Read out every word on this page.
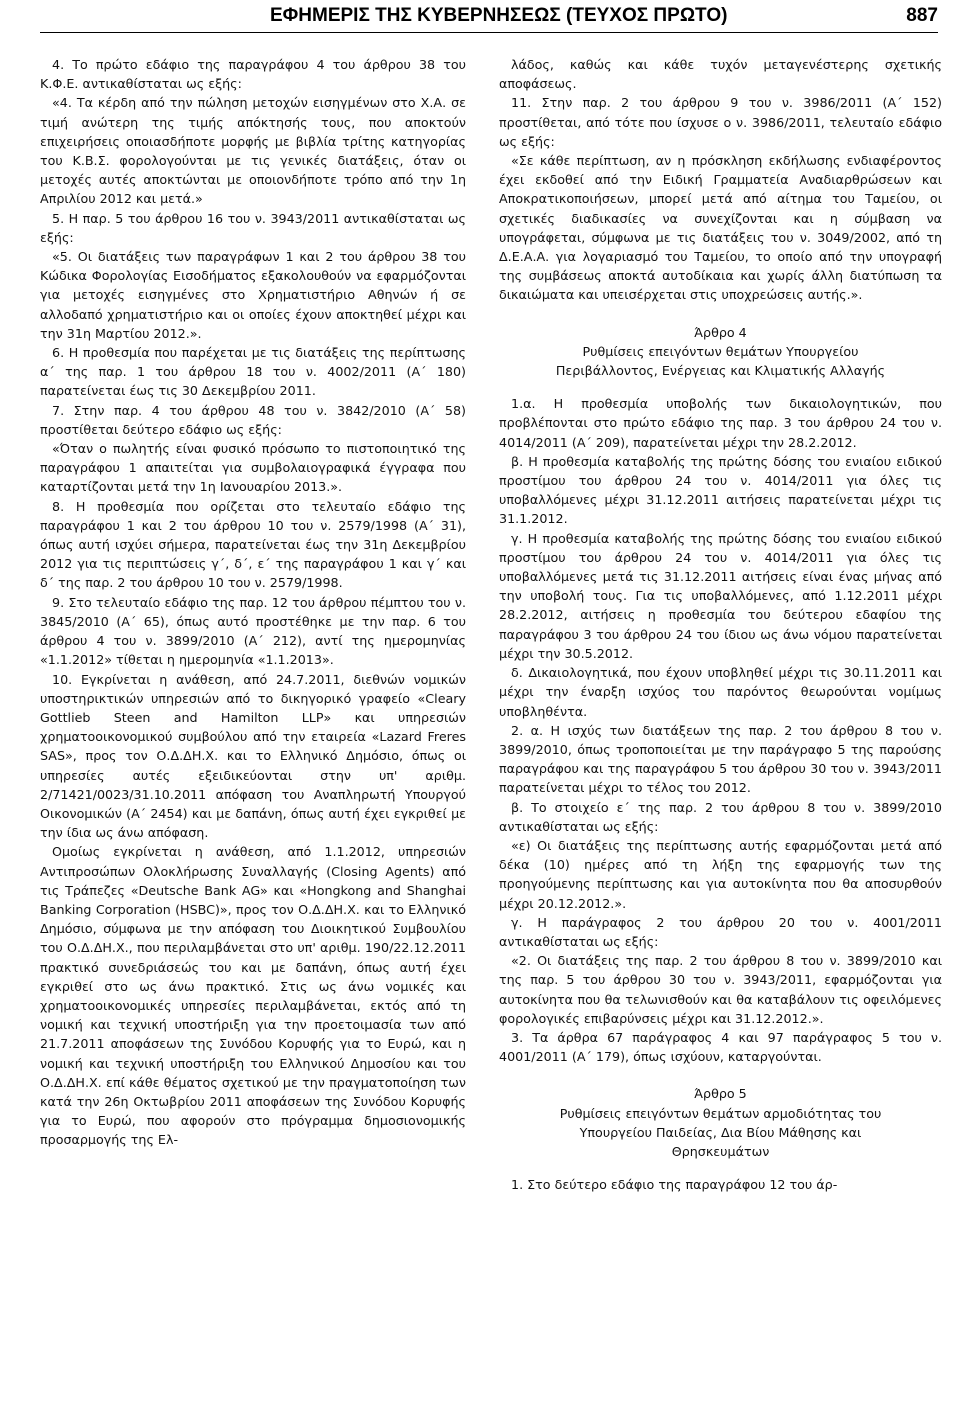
ΕΦΗΜΕΡΙΣ ΤΗΣ ΚΥΒΕΡΝΗΣΕΩΣ (ΤΕΥΧΟΣ ΠΡΩΤΟ)	887

4. Το πρώτο εδάφιο της παραγράφου 4 του άρθρου 38 του Κ.Φ.Ε. αντικαθίσταται ως εξής:

«4. Τα κέρδη από την πώληση μετοχών εισηγμένων στο Χ.Α. σε τιμή ανώτερη της τιμής απόκτησής τους, που αποκτούν επιχειρήσεις οποιασδήποτε μορφής με βιβλία τρίτης κατηγορίας του Κ.Β.Σ. φορολογούνται με τις γενικές διατάξεις, όταν οι μετοχές αυτές αποκτώνται με οποιονδήποτε τρόπο από την 1η Απριλίου 2012 και μετά.»

5. Η παρ. 5 του άρθρου 16 του ν. 3943/2011 αντικαθίσταται ως εξής:

«5. Οι διατάξεις των παραγράφων 1 και 2 του άρθρου 38 του Κώδικα Φορολογίας Εισοδήματος εξακολουθούν να εφαρμόζονται για μετοχές εισηγμένες στο Χρηματιστήριο Αθηνών ή σε αλλοδαπό χρηματιστήριο και οι οποίες έχουν αποκτηθεί μέχρι και την 31η Μαρτίου 2012.».

6. Η προθεσμία που παρέχεται με τις διατάξεις της περίπτωσης α΄ της παρ. 1 του άρθρου 18 του ν. 4002/2011 (Α΄ 180) παρατείνεται έως τις 30 Δεκεμβρίου 2011.

7. Στην παρ. 4 του άρθρου 48 του ν. 3842/2010 (Α΄ 58) προστίθεται δεύτερο εδάφιο ως εξής:

«Όταν ο πωλητής είναι φυσικό πρόσωπο το πιστοποιητικό της παραγράφου 1 απαιτείται για συμβολαιογραφικά έγγραφα που καταρτίζονται μετά την 1η Ιανουαρίου 2013.».

8. Η προθεσμία που ορίζεται στο τελευταίο εδάφιο της παραγράφου 1 και 2 του άρθρου 10 του ν. 2579/1998 (Α΄ 31), όπως αυτή ισχύει σήμερα, παρατείνεται έως την 31η Δεκεμβρίου 2012 για τις περιπτώσεις γ΄, δ΄, ε΄ της παραγράφου 1 και γ΄ και δ΄ της παρ. 2 του άρθρου 10 του ν. 2579/1998.

9. Στο τελευταίο εδάφιο της παρ. 12 του άρθρου πέμπτου του ν. 3845/2010 (Α΄ 65), όπως αυτό προστέθηκε με την παρ. 6 του άρθρου 4 του ν. 3899/2010 (Α΄ 212), αντί της ημερομηνίας «1.1.2012» τίθεται η ημερομηνία «1.1.2013».

10. Εγκρίνεται η ανάθεση, από 24.7.2011, διεθνών νομικών υποστηρικτικών υπηρεσιών από το δικηγορικό γραφείο «Cleary Gottlieb Steen and Hamilton LLP» και υπηρεσιών χρηματοοικονομικού συμβούλου από την εταιρεία «Lazard Freres SAS», προς τον Ο.Δ.ΔΗ.Χ. και το Ελληνικό Δημόσιο, όπως οι υπηρεσίες αυτές εξειδικεύονται στην υπ' αριθμ. 2/71421/0023/31.10.2011 απόφαση του Αναπληρωτή Υπουργού Οικονομικών (Α΄ 2454) και με δαπάνη, όπως αυτή έχει εγκριθεί με την ίδια ως άνω απόφαση.

Ομοίως εγκρίνεται η ανάθεση, από 1.1.2012, υπηρεσιών Αντιπροσώπων Ολοκλήρωσης Συναλλαγής (Closing Agents) από τις Τράπεζες «Deutsche Bank AG» και «Hongkong and Shanghai Banking Corporation (HSBC)», προς τον Ο.Δ.ΔΗ.Χ. και το Ελληνικό Δημόσιο, σύμφωνα με την απόφαση του Διοικητικού Συμβουλίου του Ο.Δ.ΔΗ.Χ., που περιλαμβάνεται στο υπ' αριθμ. 190/22.12.2011 πρακτικό συνεδριάσεώς του και με δαπάνη, όπως αυτή έχει εγκριθεί στο ως άνω πρακτικό. Στις ως άνω νομικές και χρηματοοικονομικές υπηρεσίες περιλαμβάνεται, εκτός από τη νομική και τεχνική υποστήριξη για την προετοιμασία των από 21.7.2011 αποφάσεων της Συνόδου Κορυφής για το Ευρώ, και η νομική και τεχνική υποστήριξη του Ελληνικού Δημοσίου και του Ο.Δ.ΔΗ.Χ. επί κάθε θέματος σχετικού με την πραγματοποίηση των κατά την 26η Οκτωβρίου 2011 αποφάσεων της Συνόδου Κορυφής για το Ευρώ, που αφορούν στο πρόγραμμα δημοσιονομικής προσαρμογής της Ελ-

λάδος, καθώς και κάθε τυχόν μεταγενέστερης σχετικής αποφάσεως.

11. Στην παρ. 2 του άρθρου 9 του ν. 3986/2011 (Α΄ 152) προστίθεται, από τότε που ίσχυσε ο ν. 3986/2011, τελευταίο εδάφιο ως εξής:

«Σε κάθε περίπτωση, αν η πρόσκληση εκδήλωσης ενδιαφέροντος έχει εκδοθεί από την Ειδική Γραμματεία Αναδιαρθρώσεων και Αποκρατικοποιήσεων, μπορεί μετά από αίτημα του Ταμείου, οι σχετικές διαδικασίες να συνεχίζονται και η σύμβαση να υπογράφεται, σύμφωνα με τις διατάξεις του ν. 3049/2002, από τη Δ.Ε.Α.Α. για λογαριασμό του Ταμείου, το οποίο από την υπογραφή της συμβάσεως αποκτά αυτοδίκαια και χωρίς άλλη διατύπωση τα δικαιώματα και υπεισέρχεται στις υποχρεώσεις αυτής.».

Άρθρο 4

Ρυθμίσεις επειγόντων θεμάτων Υπουργείου

Περιβάλλοντος, Ενέργειας και Κλιματικής Αλλαγής

1.α. Η προθεσμία υποβολής των δικαιολογητικών, που προβλέπονται στο πρώτο εδάφιο της παρ. 3 του άρθρου 24 του ν. 4014/2011 (Α΄ 209), παρατείνεται μέχρι την 28.2.2012.

β. Η προθεσμία καταβολής της πρώτης δόσης του ενιαίου ειδικού προστίμου του άρθρου 24 του ν. 4014/2011 για όλες τις υποβαλλόμενες μέχρι 31.12.2011 αιτήσεις παρατείνεται μέχρι τις 31.1.2012.

γ. Η προθεσμία καταβολής της πρώτης δόσης του ενιαίου ειδικού προστίμου του άρθρου 24 του ν. 4014/2011 για όλες τις υποβαλλόμενες μετά τις 31.12.2011 αιτήσεις είναι ένας μήνας από την υποβολή τους. Για τις υποβαλλόμενες, από 1.12.2011 μέχρι 28.2.2012, αιτήσεις η προθεσμία του δεύτερου εδαφίου της παραγράφου 3 του άρθρου 24 του ίδιου ως άνω νόμου παρατείνεται μέχρι την 30.5.2012.

δ. Δικαιολογητικά, που έχουν υποβληθεί μέχρι τις 30.11.2011 και μέχρι την έναρξη ισχύος του παρόντος θεωρούνται νομίμως υποβληθέντα.

2. α. Η ισχύς των διατάξεων της παρ. 2 του άρθρου 8 του ν. 3899/2010, όπως τροποποιείται με την παράγραφο 5 της παρούσης παραγράφου και της παραγράφου 5 του άρθρου 30 του ν. 3943/2011 παρατείνεται μέχρι το τέλος του 2012.

β. Το στοιχείο ε΄ της παρ. 2 του άρθρου 8 του ν. 3899/2010 αντικαθίσταται ως εξής:

«ε) Οι διατάξεις της περίπτωσης αυτής εφαρμόζονται μετά από δέκα (10) ημέρες από τη λήξη της εφαρμογής των της προηγούμενης περίπτωσης και για αυτοκίνητα που θα αποσυρθούν μέχρι 20.12.2012.».

γ. Η παράγραφος 2 του άρθρου 20 του ν. 4001/2011 αντικαθίσταται ως εξής:

«2. Οι διατάξεις της παρ. 2 του άρθρου 8 του ν. 3899/2010 και της παρ. 5 του άρθρου 30 του ν. 3943/2011, εφαρμόζονται για αυτοκίνητα που θα τελωνισθούν και θα καταβάλουν τις οφειλόμενες φορολογικές επιβαρύνσεις μέχρι και 31.12.2012.».

3. Τα άρθρα 67 παράγραφος 4 και 97 παράγραφος 5 του ν. 4001/2011 (Α΄ 179), όπως ισχύουν, καταργούνται.

Άρθρο 5

Ρυθμίσεις επειγόντων θεμάτων αρμοδιότητας του

Υπουργείου Παιδείας, Δια Βίου Μάθησης και

Θρησκευμάτων

1. Στο δεύτερο εδάφιο της παραγράφου 12 του άρ-
